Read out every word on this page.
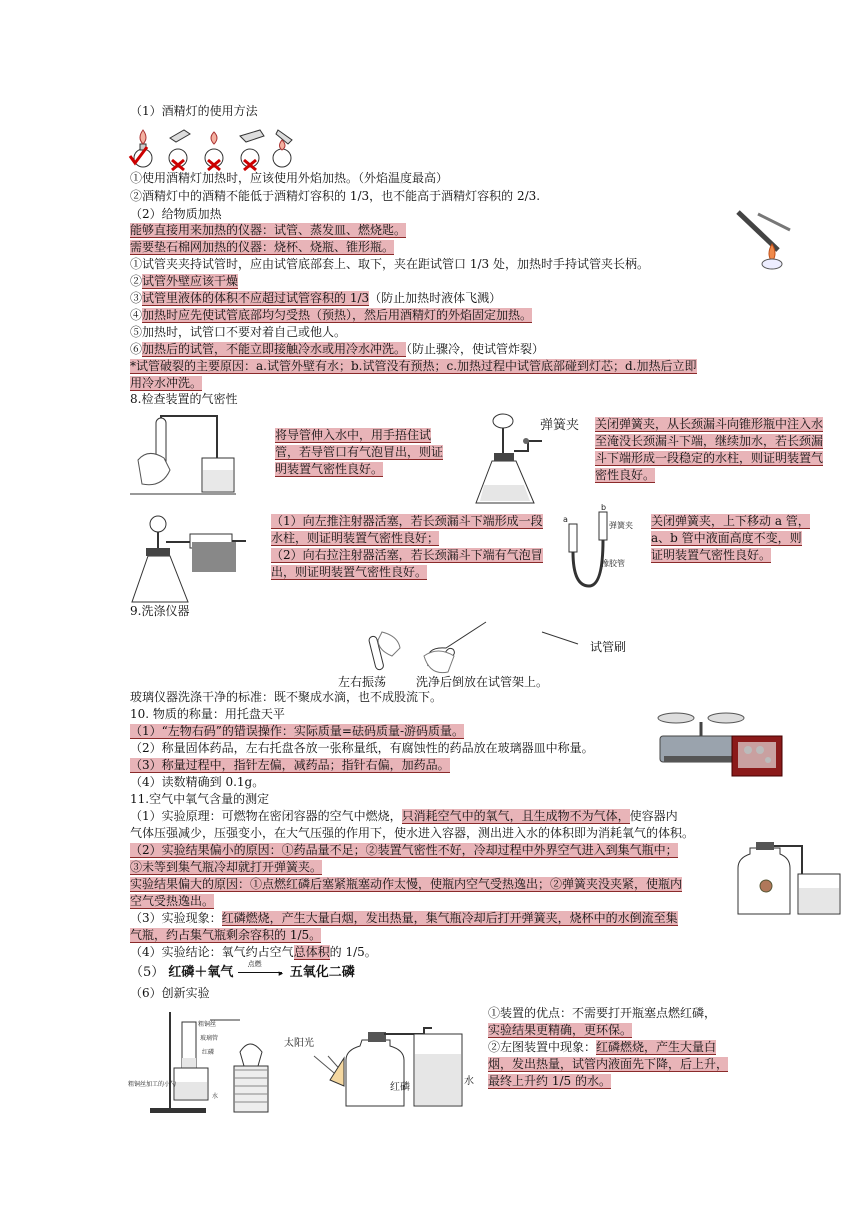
（1）酒精灯的使用方法
①使用酒精灯加热时，应该使用外焰加热。（外焰温度最高）
②酒精灯中的酒精不能低于酒精灯容积的 1/3，也不能高于酒精灯容积的 2/3.
（2）给物质加热
能够直接用来加热的仪器：试管、蒸发皿、燃烧匙。
需要垫石棉网加热的仪器：烧杯、烧瓶、锥形瓶。
①试管夹夹持试管时，应由试管底部套上、取下，夹在距试管口 1/3 处，加热时手持试管夹长柄。
②试管外壁应该干燥
③试管里液体的体积不应超过试管容积的 1/3（防止加热时液体飞溅）
④加热时应先使试管底部均匀受热（预热），然后用酒精灯的外焰固定加热。
⑤加热时，试管口不要对着自己或他人。
⑥加热后的试管，不能立即接触冷水或用冷水冲洗。（防止骤冷，使试管炸裂）
*试管破裂的主要原因：a.试管外壁有水；b.试管没有预热；c.加热过程中试管底部碰到灯芯；d.加热后立即
用冷水冲洗。
8.检查装置的气密性
将导管伸入水中，用手捂住试管，若导管口有气泡冒出，则证明装置气密性良好。
弹簧夹 关闭弹簧夹，从长颈漏斗向锥形瓶中注入水至淹没长颈漏斗下端，继续加水，若长颈漏斗下端形成一段稳定的水柱，则证明装置气密性良好。
（1）向左推注射器活塞，若长颈漏斗下端形成一段水柱，则证明装置气密性良好；
（2）向右拉注射器活塞，若长颈漏斗下端有气泡冒出，则证明装置气密性良好。
a
b
弹簧夹
橡胶管
关闭弹簧夹，上下移动 a 管，a、b 管中液面高度不变，则证明装置气密性良好。
9.洗涤仪器
试管刷
左右振荡 洗净后倒放在试管架上。
玻璃仪器洗涤干净的标准：既不聚成水滴，也不成股流下。
10. 物质的称量：用托盘天平
（1）“左物右码”的错误操作：实际质量=砝码质量-游码质量。
（2）称量固体药品，左右托盘各放一张称量纸，有腐蚀性的药品放在玻璃器皿中称量。
（3）称量过程中，指针左偏，减药品；指针右偏，加药品。
（4）读数精确到 0.1g。
11.空气中氧气含量的测定
（1）实验原理：可燃物在密闭容器的空气中燃烧，只消耗空气中的氧气，且生成物不为气体，使容器内
气体压强减少，压强变小，在大气压强的作用下，使水进入容器，测出进入水的体积即为消耗氧气的体积。
（2）实验结果偏小的原因：①药品量不足；②装置气密性不好，冷却过程中外界空气进入到集气瓶中；
③未等到集气瓶冷却就打开弹簧夹。
实验结果偏大的原因：①点燃红磷后塞紧瓶塞动作太慢，使瓶内空气受热逸出；②弹簧夹没夹紧，使瓶内
空气受热逸出。
（3）实验现象：红磷燃烧，产生大量白烟，发出热量，集气瓶冷却后打开弹簧夹，烧杯中的水倒流至集
气瓶，约占集气瓶剩余容积的 1/5。
（4）实验结论：氧气约占空气总体积的 1/5。
（5） 红磷＋氧气
点燃
▸ 五氧化二磷
（6）创新实验
粗铜丝
玻璃管
红磷
水
粗铜丝加工的小勺
太阳光
红磷
水
①装置的优点：不需要打开瓶塞点燃红磷，
实验结果更精确，更环保。
②左图装置中现象：红磷燃烧，产生大量白烟，发出热量，试管内液面先下降，后上升，最终上升约 1/5 的水。
